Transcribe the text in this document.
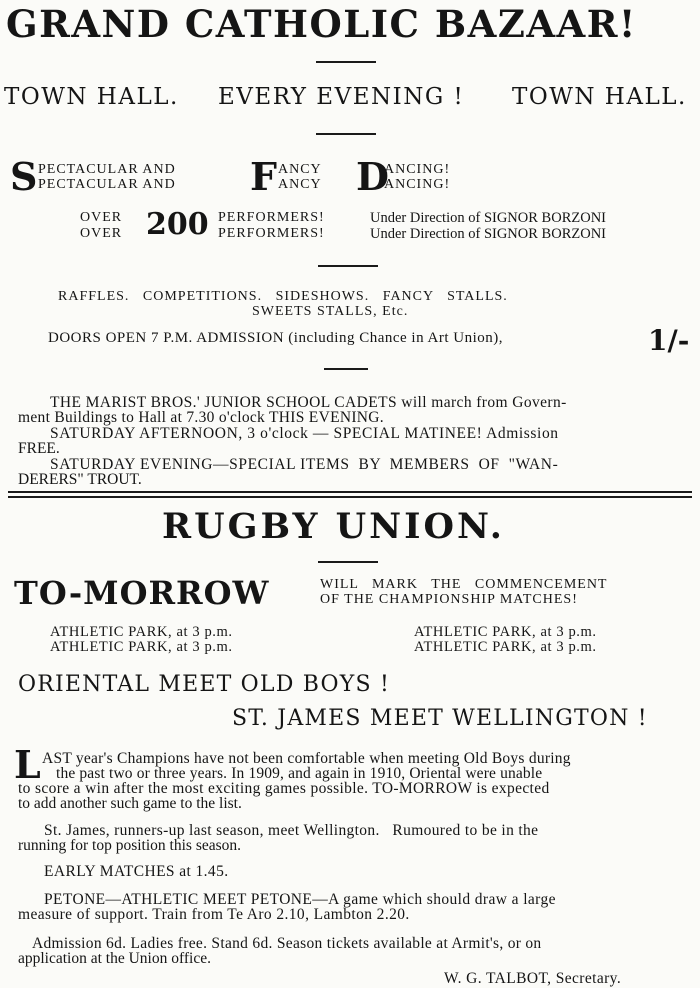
GRAND CATHOLIC BAZAAR!
TOWN HALL. EVERY EVENING ! TOWN HALL.
S PECTACULAR AND
PECTACULAR AND F ANCY
ANCY D
ANCING!
ANCING!
OVER
OVER 200 PERFORMERS!
PERFORMERS!
Under Direction of SIGNOR BORZONI
Under Direction of SIGNOR BORZONI
RAFFLES.   COMPETITIONS.   SIDESHOWS.   FANCY   STALLS.
SWEETS STALLS, Etc.
DOORS OPEN 7 P.M. ADMISSION (including Chance in Art Union),	1/-
THE MARIST BROS.' JUNIOR SCHOOL CADETS will march from Govern-
ment Buildings to Hall at 7.30 o'clock THIS EVENING.
SATURDAY AFTERNOON, 3 o'clock — SPECIAL MATINEE! Admission
FREE.
SATURDAY EVENING—SPECIAL ITEMS  BY  MEMBERS  OF  "WAN-
DERERS" TROUT.
RUGBY UNION.
TO-MORROW	WILL   MARK   THE   COMMENCEMENT
OF THE CHAMPIONSHIP MATCHES!
ATHLETIC PARK, at 3 p.m.
ATHLETIC PARK, at 3 p.m.
ATHLETIC PARK, at 3 p.m.
ATHLETIC PARK, at 3 p.m.
ORIENTAL MEET OLD BOYS !
ST. JAMES MEET WELLINGTON !
L AST year's Champions have not been comfortable when meeting Old Boys during
the past two or three years. In 1909, and again in 1910, Oriental were unable
to score a win after the most exciting games possible. TO-MORROW is expected
to add another such game to the list.
St. James, runners-up last season, meet Wellington.   Rumoured to be in the
running for top position this season.
EARLY MATCHES at 1.45.
PETONE—ATHLETIC MEET PETONE—A game which should draw a large
measure of support. Train from Te Aro 2.10, Lambton 2.20.
Admission 6d. Ladies free. Stand 6d. Season tickets available at Armit's, or on
application at the Union office.
W. G. TALBOT, Secretary.
